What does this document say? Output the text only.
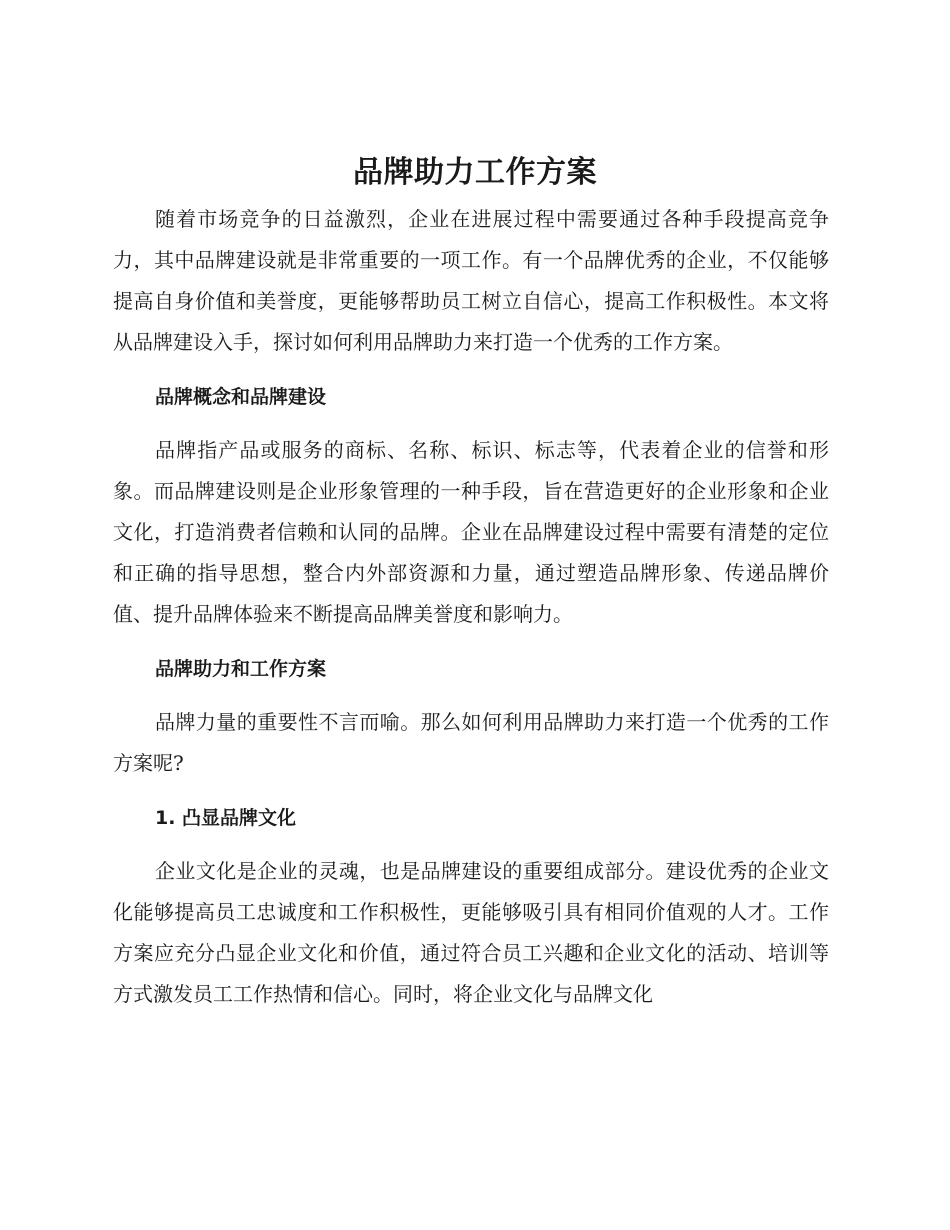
品牌助力工作方案

随着市场竞争的日益激烈，企业在进展过程中需要通过各种手段提高竞争力，其中品牌建设就是非常重要的一项工作。有一个品牌优秀的企业，不仅能够提高自身价值和美誉度，更能够帮助员工树立自信心，提高工作积极性。本文将从品牌建设入手，探讨如何利用品牌助力来打造一个优秀的工作方案。

品牌概念和品牌建设

品牌指产品或服务的商标、名称、标识、标志等，代表着企业的信誉和形象。而品牌建设则是企业形象管理的一种手段，旨在营造更好的企业形象和企业文化，打造消费者信赖和认同的品牌。企业在品牌建设过程中需要有清楚的定位和正确的指导思想，整合内外部资源和力量，通过塑造品牌形象、传递品牌价值、提升品牌体验来不断提高品牌美誉度和影响力。

品牌助力和工作方案

品牌力量的重要性不言而喻。那么如何利用品牌助力来打造一个优秀的工作方案呢?

1. 凸显品牌文化

企业文化是企业的灵魂，也是品牌建设的重要组成部分。建设优秀的企业文化能够提高员工忠诚度和工作积极性，更能够吸引具有相同价值观的人才。工作方案应充分凸显企业文化和价值，通过符合员工兴趣和企业文化的活动、培训等方式激发员工工作热情和信心。同时，将企业文化与品牌文化
